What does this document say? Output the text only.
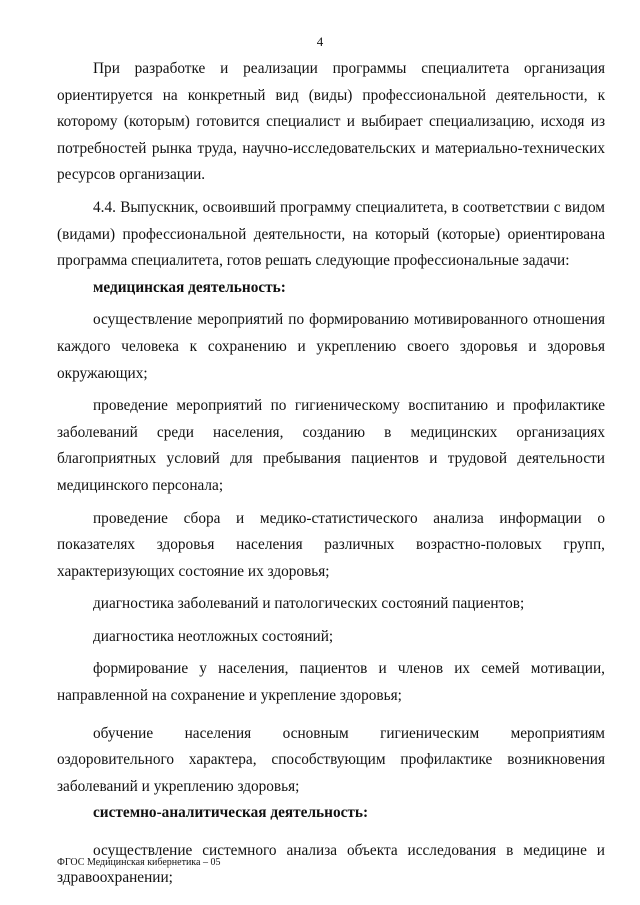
4

При разработке и реализации программы специалитета организация ориентируется на конкретный вид (виды) профессиональной деятельности, к которому (которым) готовится специалист и выбирает специализацию, исходя из потребностей рынка труда, научно-исследовательских и материально-технических ресурсов организации.

4.4. Выпускник, освоивший программу специалитета, в соответствии с видом (видами) профессиональной деятельности, на который (которые) ориентирована программа специалитета, готов решать следующие профессиональные задачи:

медицинская деятельность:

осуществление мероприятий по формированию мотивированного отношения каждого человека к сохранению и укреплению своего здоровья и здоровья окружающих;

проведение мероприятий по гигиеническому воспитанию и профилактике заболеваний среди населения, созданию в медицинских организациях благоприятных условий для пребывания пациентов и трудовой деятельности медицинского персонала;

проведение сбора и медико-статистического анализа информации о показателях здоровья населения различных возрастно-половых групп, характеризующих состояние их здоровья;

диагностика заболеваний и патологических состояний пациентов;

диагностика неотложных состояний;

формирование у населения, пациентов и членов их семей мотивации, направленной на сохранение и укрепление здоровья;

обучение населения основным гигиеническим мероприятиям оздоровительного характера, способствующим профилактике возникновения заболеваний и укреплению здоровья;

системно-аналитическая деятельность:

осуществление системного анализа объекта исследования в медицине и здравоохранении;

ФГОС Медицинская кибернетика – 05
